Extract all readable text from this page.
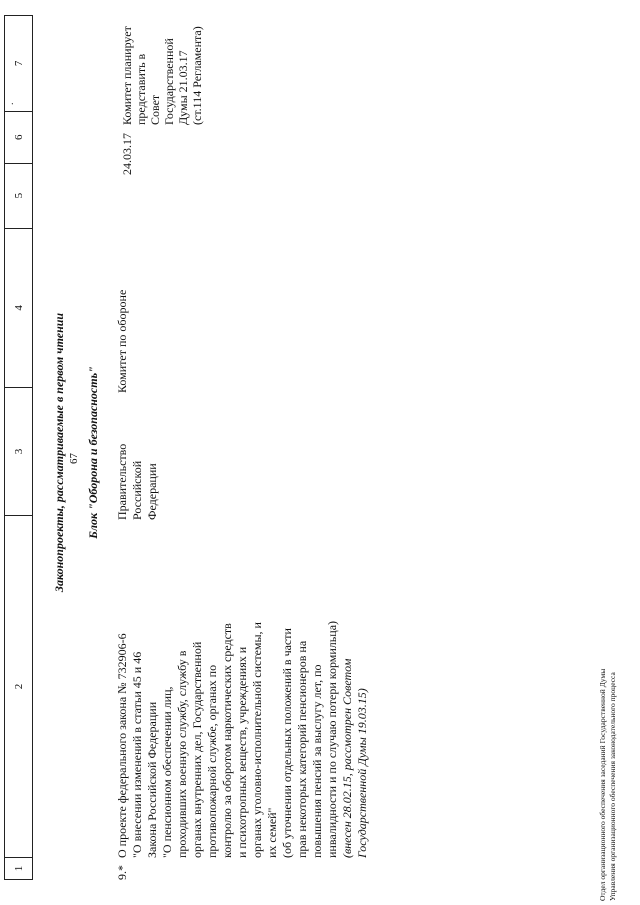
.
1
2
3
4
5
6
7
67
Законопроекты, рассматриваемые в первом чтении Блок "Оборона и безопасность"
9.*
О проекте федерального закона № 732906-6 "О внесении изменений в статьи 45 и 46 Закона Российской Федерации "О пенсионном обеспечении лиц, проходивших военную службу, службу в органах внутренних дел, Государственной противопожарной службе, органах по контролю за оборотом наркотических средств и психотропных веществ, учреждениях и органах уголовно-исполнительной системы, и их семей" (об уточнении отдельных положений в части прав некоторых категорий пенсионеров на повышения пенсий за выслугу лет, по инвалидности и по случаю потери кормильца) (внесен 28.02.15, рассмотрен Советом Государственной Думы 19.03.15)
Правительство Российской Федерации
Комитет по обороне
24.03.17
Комитет планирует представить в Совет Государственной Думы 21.03.17 (ст.114 Регламента)
Отдел организационного обеспечения заседаний Государственной Думы Управления организационного обеспечения законодательного процесса
